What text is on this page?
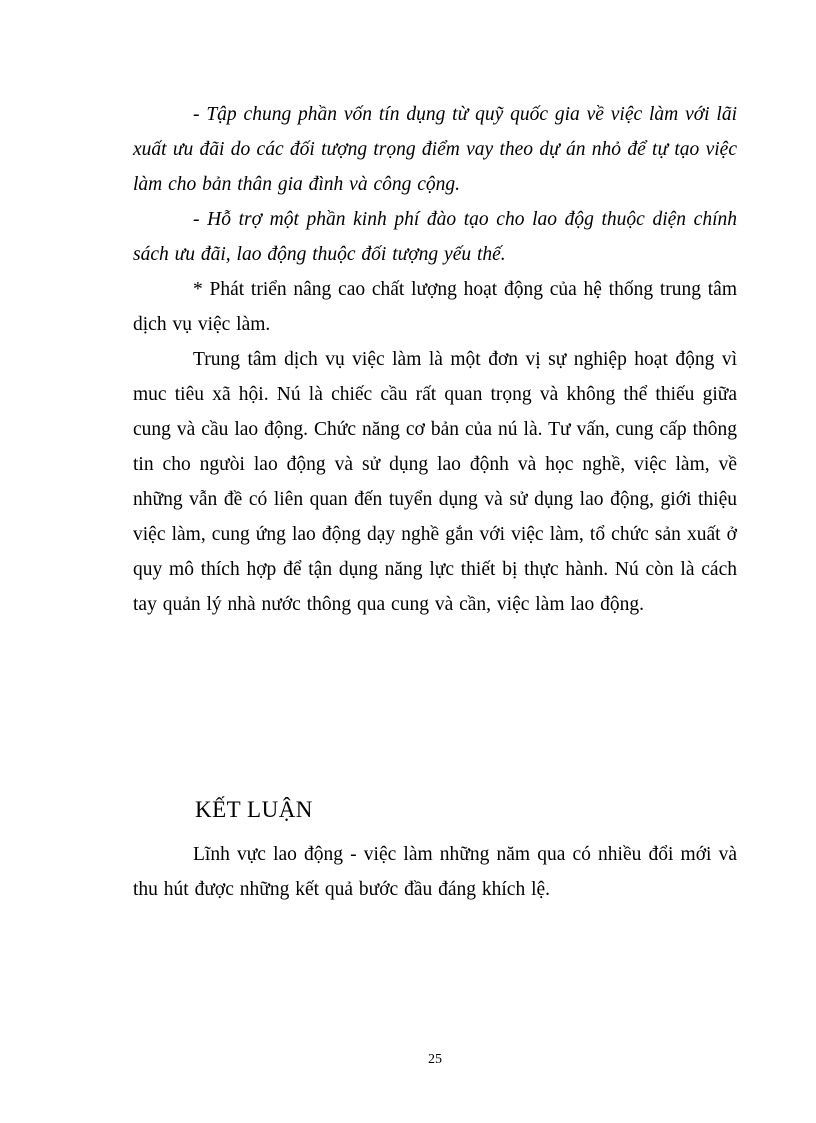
- Tập chung phần vốn tín dụng từ quỹ quốc gia về việc làm với lãi xuất ưu đãi do các đối tượng trọng điểm vay theo dự án nhỏ để tự tạo việc làm cho bản thân gia đình và công cộng.

- Hỗ trợ một phần kinh phí đào tạo cho lao độg thuộc diện chính sách ưu đãi, lao động thuộc đối tượng yếu thế.

* Phát triển nâng cao chất lượng hoạt động của hệ thống trung tâm dịch vụ việc làm.

Trung tâm dịch vụ việc làm là một đơn vị sự nghiệp hoạt động vì muc tiêu xã hội. Nú là chiếc cầu rất quan trọng và không thể thiếu giữa cung và cầu lao động. Chức năng cơ bản của nú là. Tư vấn, cung cấp thông tin cho ngưòi lao động và sử dụng lao độnh và học nghề, việc làm, về những vẫn đề có liên quan đến tuyển dụng và sử dụng lao động, giới thiệu việc làm, cung ứng lao động dạy nghề gắn với việc làm, tổ chức sản xuất ở quy mô thích hợp để tận dụng năng lực thiết bị thực hành. Nú còn là cách tay quản lý nhà nước thông qua cung và cần, việc làm lao động.

KẾT LUẬN

Lĩnh vực lao động - việc làm những năm qua có nhiều đổi mới và thu hút được những kết quả bước đầu đáng khích lệ.

25
